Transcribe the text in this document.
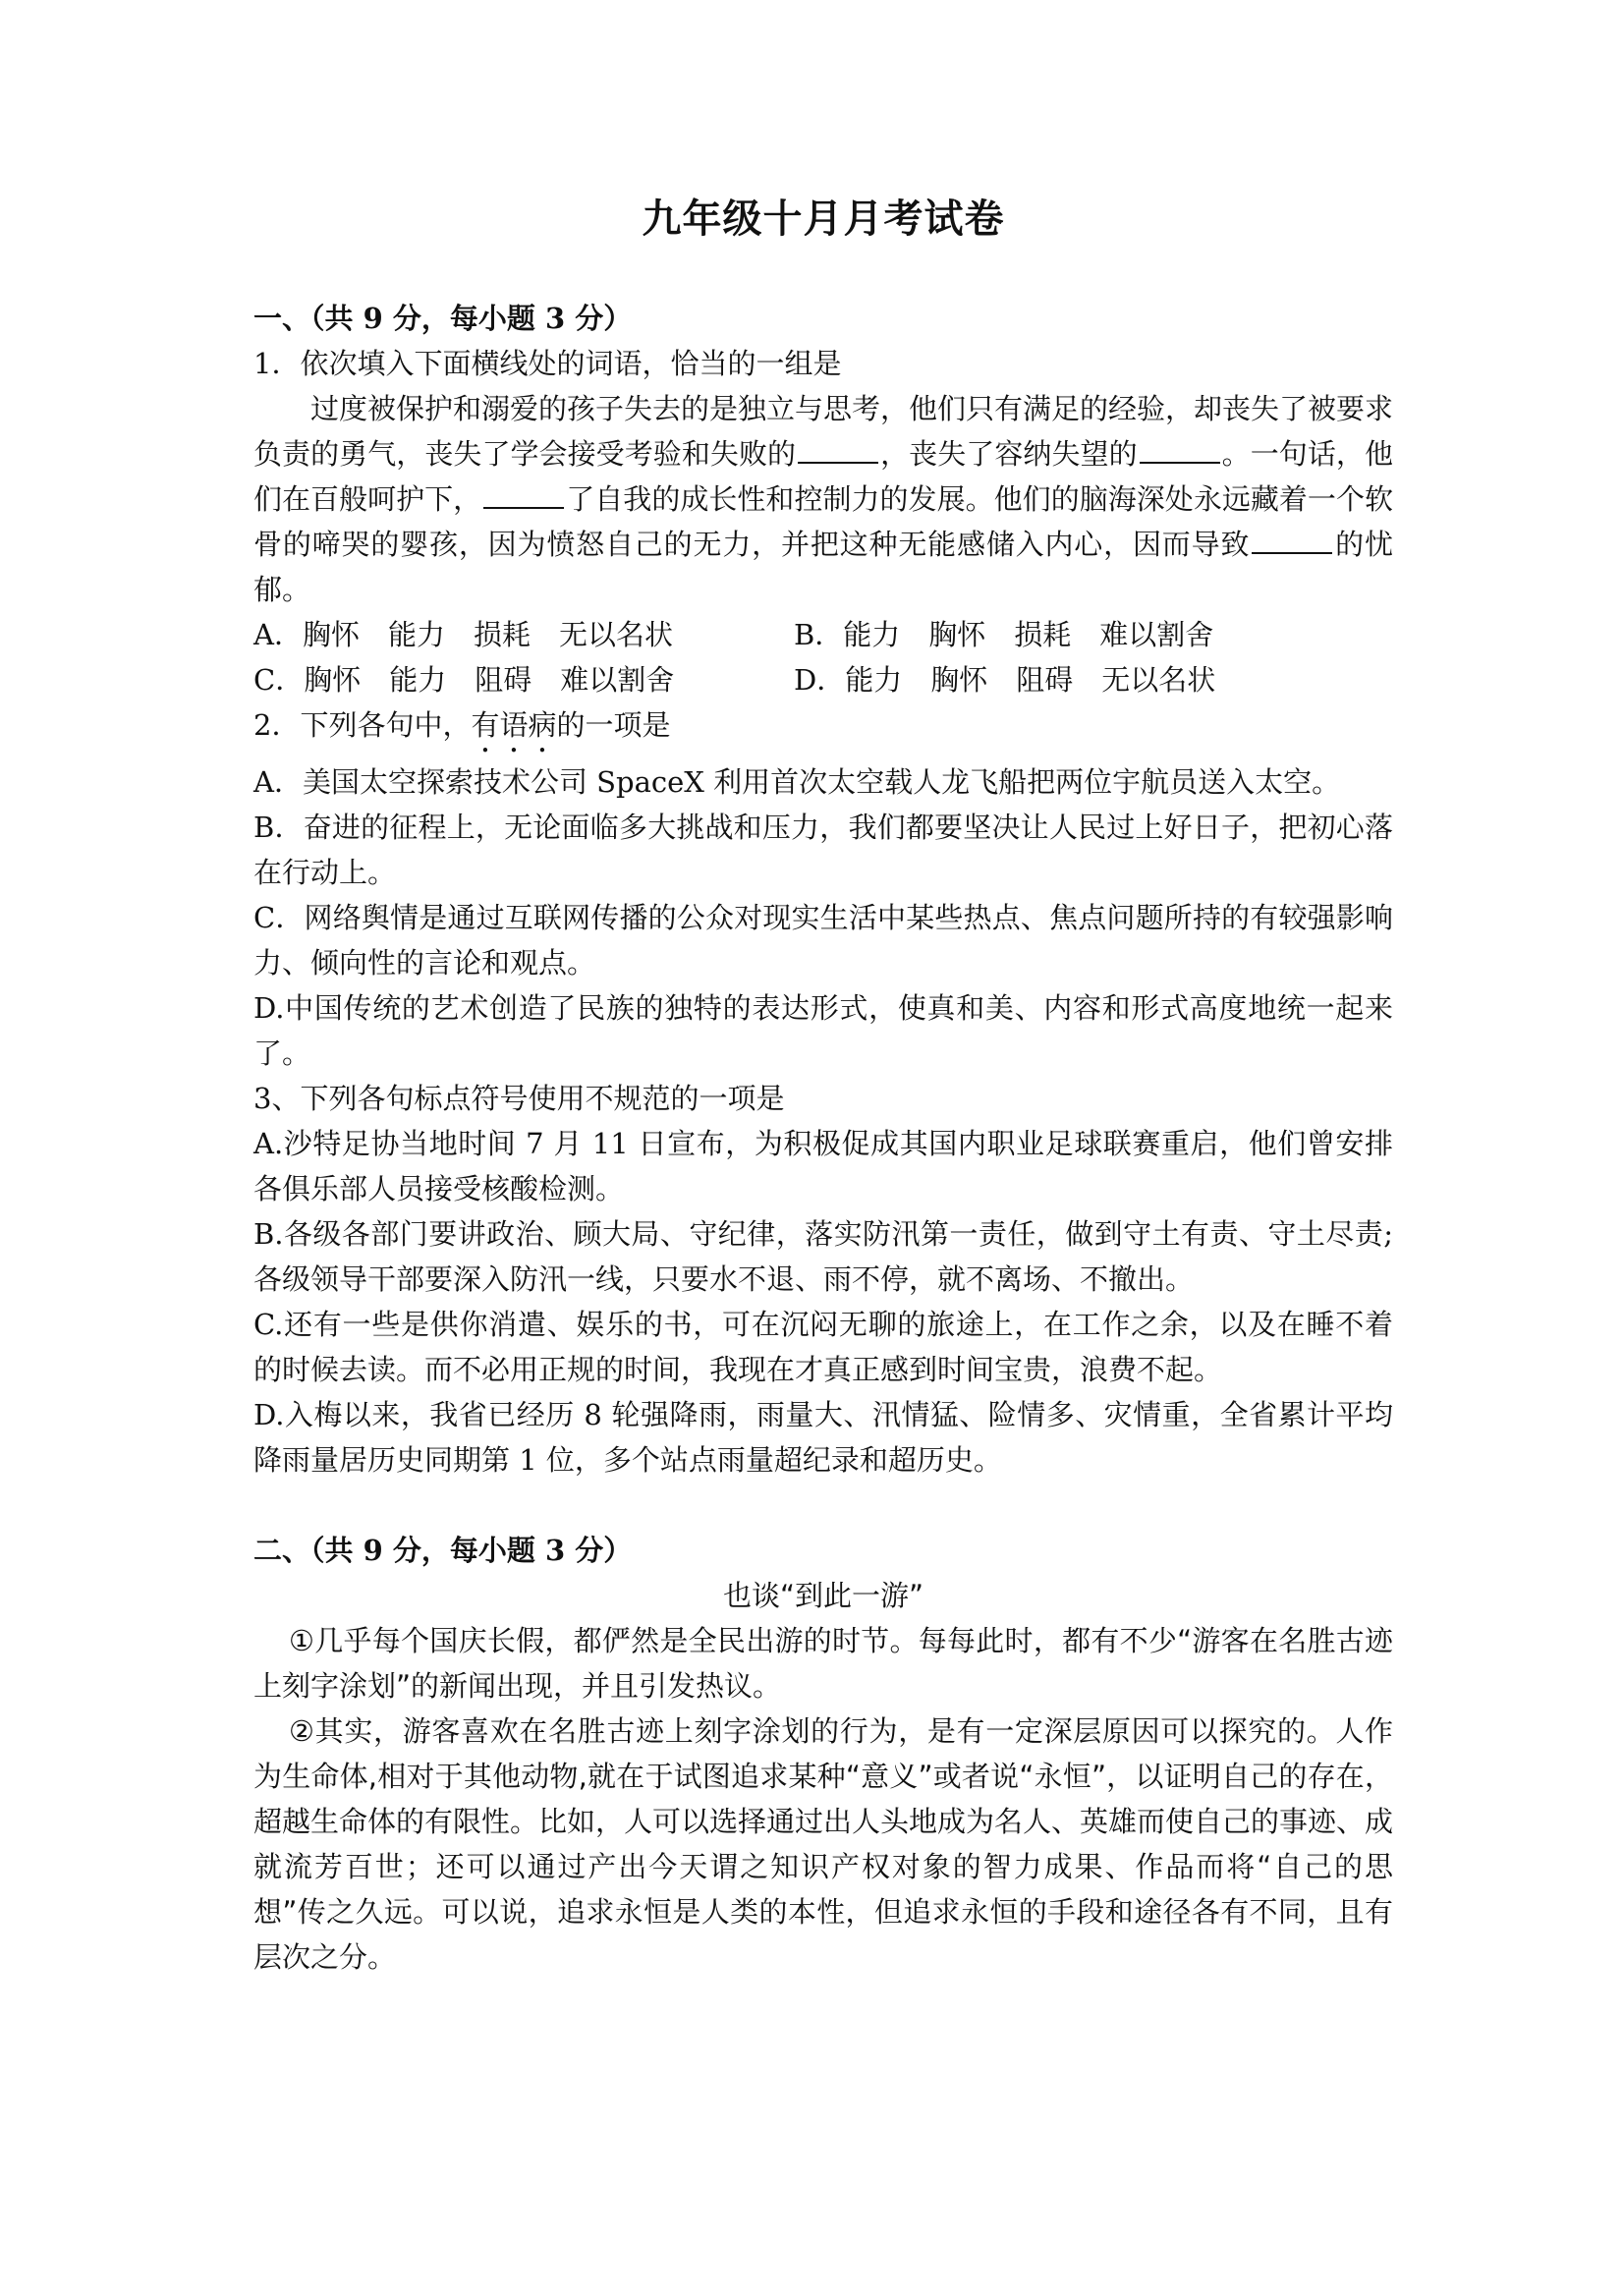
九年级十月月考试卷

一、（共 9 分，每小题 3 分）

1．依次填入下面横线处的词语，恰当的一组是

过度被保护和溺爱的孩子失去的是独立与思考，他们只有满足的经验，却丧失了被要求负责的勇气，丧失了学会接受考验和失败的	，丧失了容纳失望的	。一句话，他们在百般呵护下，	了自我的成长性和控制力的发展。他们的脑海深处永远藏着一个软骨的啼哭的婴孩，因为愤怒自己的无力，并把这种无能感储入内心，因而导致	的忧郁。

A．胸怀　能力　损耗　无以名状	B．能力　胸怀　损耗　难以割舍
C．胸怀　能力　阻碍　难以割舍	D．能力　胸怀　阻碍　无以名状

2．下列各句中，有语病的一项是

A．美国太空探索技术公司 SpaceX 利用首次太空载人龙飞船把两位宇航员送入太空。

B．奋进的征程上，无论面临多大挑战和压力，我们都要坚决让人民过上好日子，把初心落在行动上。

C．网络舆情是通过互联网传播的公众对现实生活中某些热点、焦点问题所持的有较强影响力、倾向性的言论和观点。

D.中国传统的艺术创造了民族的独特的表达形式，使真和美、内容和形式高度地统一起来了。

3、下列各句标点符号使用不规范的一项是

A.沙特足协当地时间 7 月 11 日宣布，为积极促成其国内职业足球联赛重启，他们曾安排各俱乐部人员接受核酸检测。

B.各级各部门要讲政治、顾大局、守纪律，落实防汛第一责任，做到守土有责、守土尽责;各级领导干部要深入防汛一线，只要水不退、雨不停，就不离场、不撤出。

C.还有一些是供你消遣、娱乐的书，可在沉闷无聊的旅途上，在工作之余，以及在睡不着的时候去读。而不必用正规的时间，我现在才真正感到时间宝贵，浪费不起。

D.入梅以来，我省已经历 8 轮强降雨，雨量大、汛情猛、险情多、灾情重，全省累计平均降雨量居历史同期第 1 位，多个站点雨量超纪录和超历史。

二、（共 9 分，每小题 3 分）

也谈“到此一游”

①几乎每个国庆长假，都俨然是全民出游的时节。每每此时，都有不少“游客在名胜古迹上刻字涂划”的新闻出现，并且引发热议。

②其实，游客喜欢在名胜古迹上刻字涂划的行为，是有一定深层原因可以探究的。人作为生命体,相对于其他动物,就在于试图追求某种“意义”或者说“永恒”，以证明自己的存在，超越生命体的有限性。比如，人可以选择通过出人头地成为名人、英雄而使自己的事迹、成就流芳百世；还可以通过产出今天谓之知识产权对象的智力成果、作品而将“自己的思想”传之久远。可以说，追求永恒是人类的本性，但追求永恒的手段和途径各有不同，且有层次之分。
